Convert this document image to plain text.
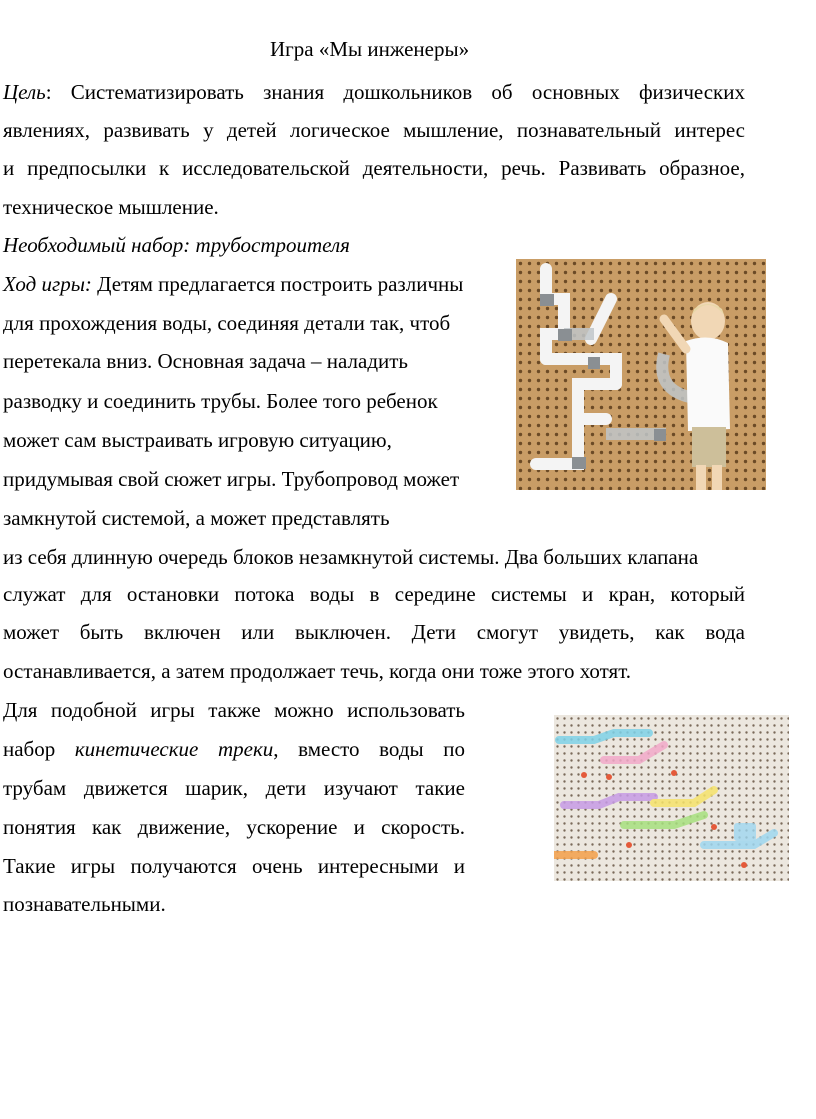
Игра «Мы инженеры»
Цель: Систематизировать знания дошкольников об основных физических
явлениях, развивать у детей логическое мышление, познавательный интерес
и предпосылки к исследовательской деятельности, речь. Развивать образное,
техническое мышление.
Необходимый набор: трубостроителя
Ход игры: Детям предлагается построить различны
для прохождения воды, соединяя детали так, чтоб
перетекала вниз. Основная задача – наладить
разводку и соединить трубы. Более того ребенок
может сам выстраивать игровую ситуацию,
придумывая свой сюжет игры. Трубопровод может
замкнутой системой, а может представлять
из себя длинную очередь блоков незамкнутой системы. Два больших клапана
служат для остановки потока воды в середине системы и кран, который
может быть включен или выключен. Дети смогут увидеть, как вода
останавливается, а затем продолжает течь, когда они тоже этого хотят.
Для подобной игры также можно использовать
набор кинетические треки, вместо воды по
трубам движется шарик, дети изучают такие
понятия как движение, ускорение и скорость.
Такие игры получаются очень интересными и
познавательными.
